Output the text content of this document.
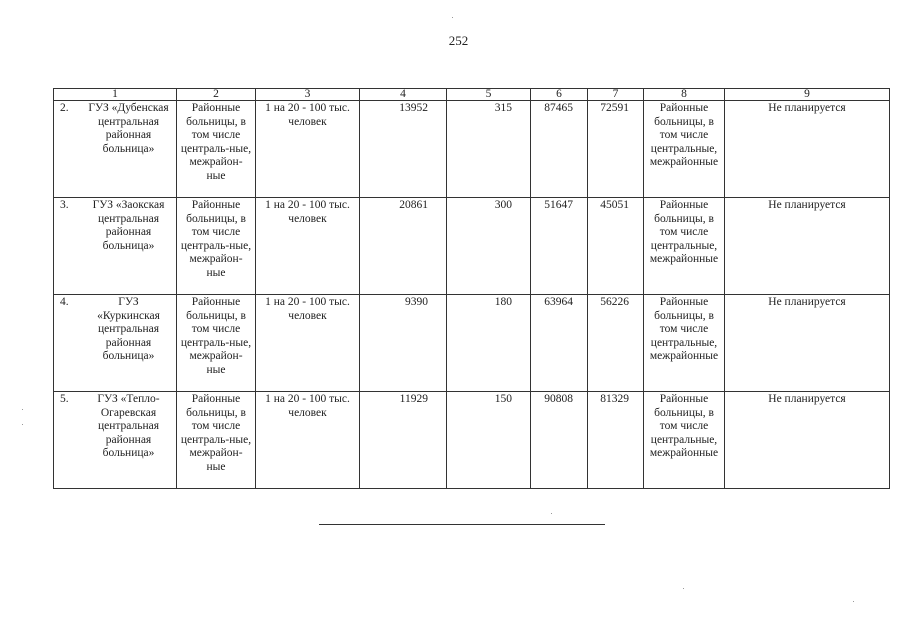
252
1	2	3	4	5	6	7	8	9

2. ГУЗ «Дубенская центральная районная больница»	Районные больницы, в том числе централь-ные, межрайон-ные	1 на 20 - 100 тыс. человек	13952	315	87465	72591	Районные больницы, в том числе центральные, межрайонные	Не планируется

3. ГУЗ «Заокская центральная районная больница»	Районные больницы, в том числе централь-ные, межрайон-ные	1 на 20 - 100 тыс. человек	20861	300	51647	45051	Районные больницы, в том числе центральные, межрайонные	Не планируется

4. ГУЗ «Куркинская центральная районная больница»	Районные больницы, в том числе централь-ные, межрайон-ные	1 на 20 - 100 тыс. человек	9390	180	63964	56226	Районные больницы, в том числе центральные, межрайонные	Не планируется

5. ГУЗ «Тепло-Огаревская центральная районная больница»	Районные больницы, в том числе централь-ные, межрайон-ные	1 на 20 - 100 тыс. человек	11929	150	90808	81329	Районные больницы, в том числе центральные, межрайонные	Не планируется
